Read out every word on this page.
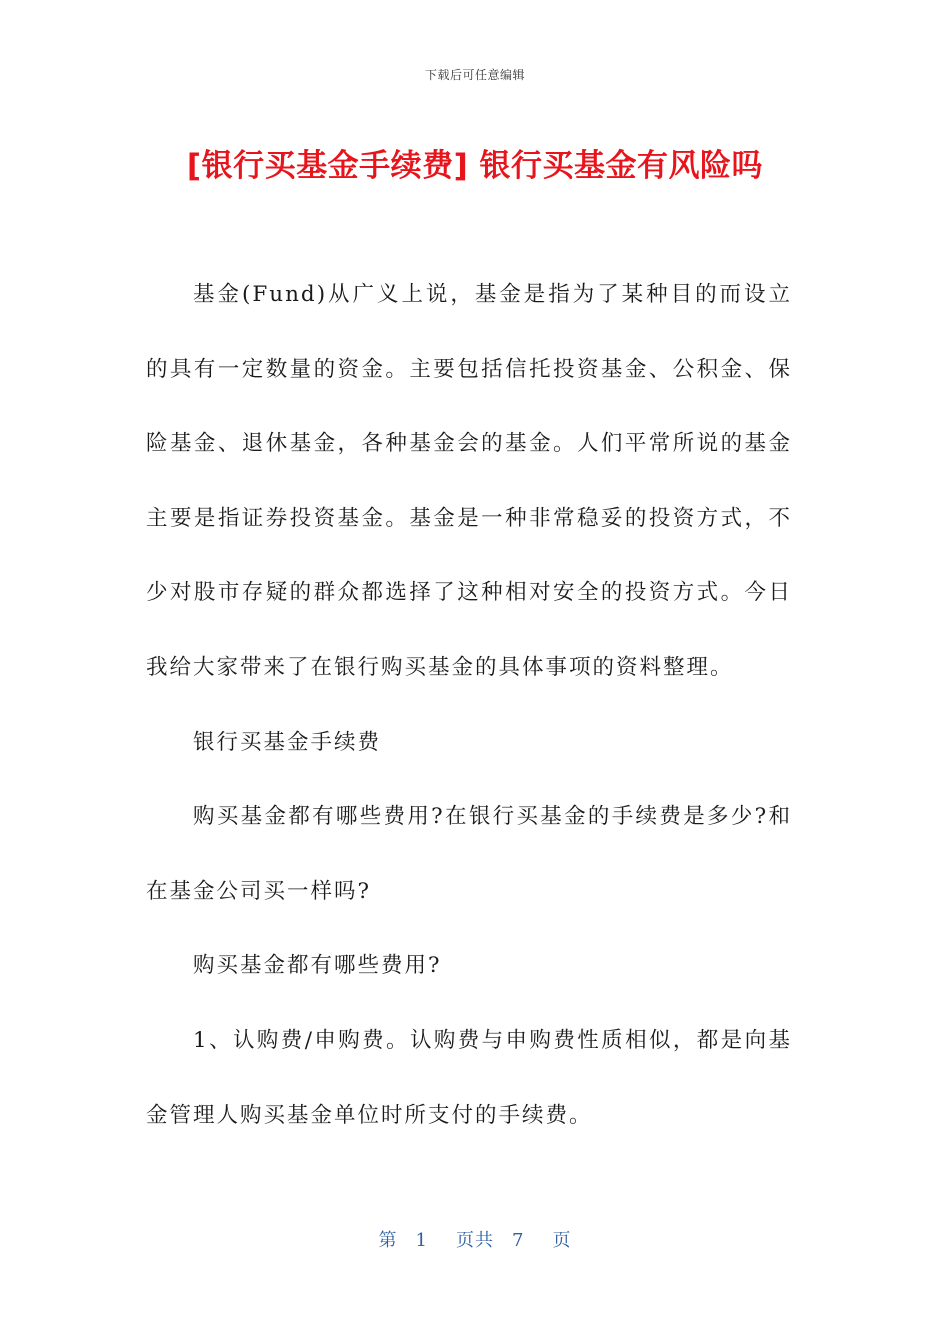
下载后可任意编辑
[银行买基金手续费] 银行买基金有风险吗

基金(Fund)从广义上说，基金是指为了某种目的而设立的具有一定数量的资金。主要包括信托投资基金、公积金、保险基金、退休基金，各种基金会的基金。人们平常所说的基金主要是指证券投资基金。基金是一种非常稳妥的投资方式，不少对股市存疑的群众都选择了这种相对安全的投资方式。今日我给大家带来了在银行购买基金的具体事项的资料整理。

银行买基金手续费

购买基金都有哪些费用?在银行买基金的手续费是多少?和在基金公司买一样吗?

购买基金都有哪些费用?

1、认购费/申购费。认购费与申购费性质相似，都是向基金管理人购买基金单位时所支付的手续费。

第 1 页共 7 页
